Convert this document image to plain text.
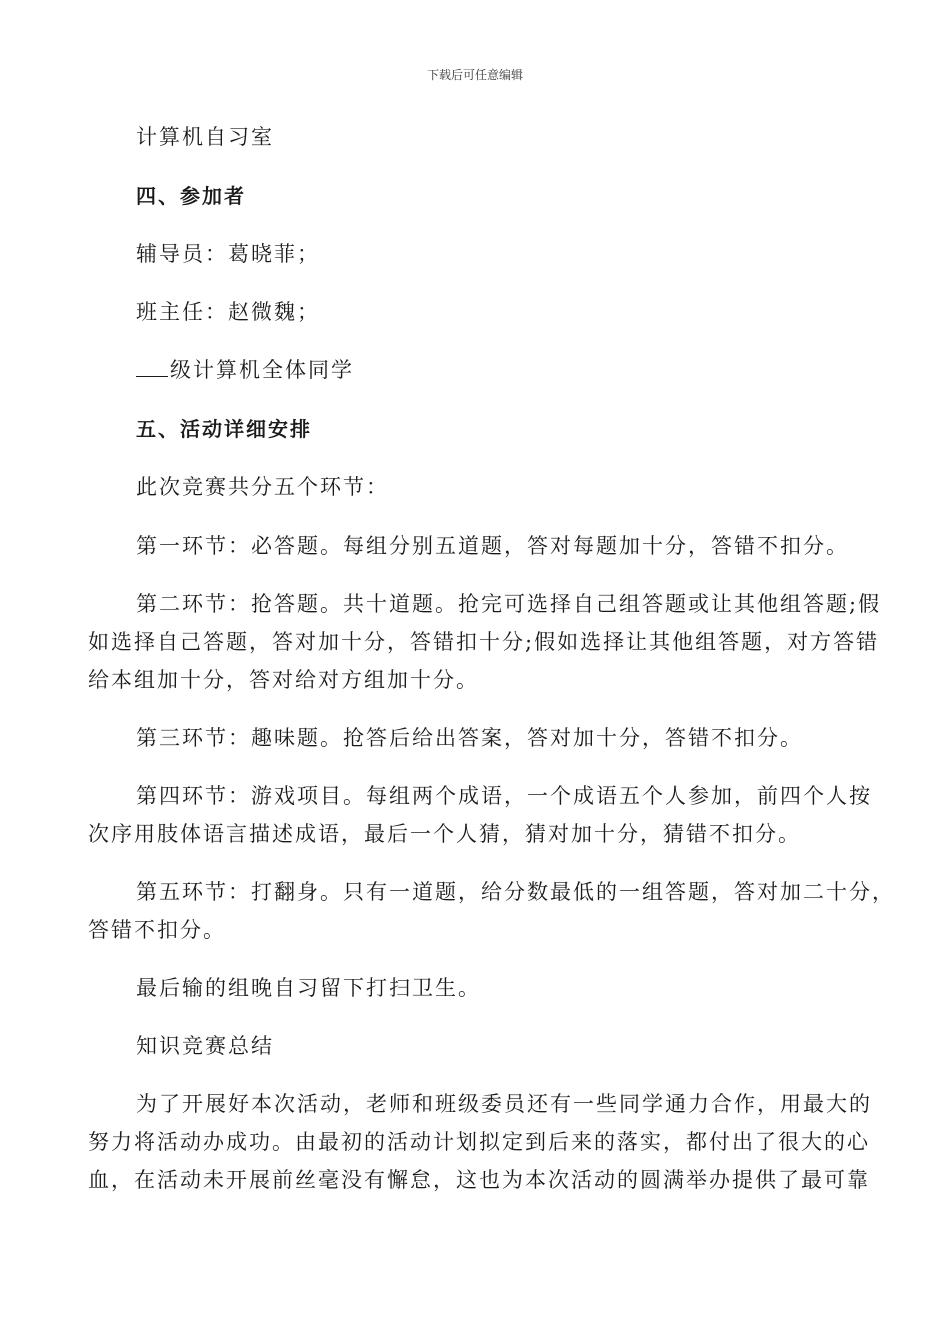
下载后可任意编辑
计算机自习室
四、参加者
辅导员：葛晓菲；
班主任：赵微魏；
级计算机全体同学
五、活动详细安排
此次竞赛共分五个环节：
第一环节：必答题。每组分别五道题，答对每题加十分，答错不扣分。
第二环节：抢答题。共十道题。抢完可选择自己组答题或让其他组答题;假
如选择自己答题，答对加十分，答错扣十分;假如选择让其他组答题，对方答错
给本组加十分，答对给对方组加十分。
第三环节：趣味题。抢答后给出答案，答对加十分，答错不扣分。
第四环节：游戏项目。每组两个成语，一个成语五个人参加，前四个人按
次序用肢体语言描述成语，最后一个人猜，猜对加十分，猜错不扣分。
第五环节：打翻身。只有一道题，给分数最低的一组答题，答对加二十分，
答错不扣分。
最后输的组晚自习留下打扫卫生。
知识竞赛总结
为了开展好本次活动，老师和班级委员还有一些同学通力合作，用最大的
努力将活动办成功。由最初的活动计划拟定到后来的落实，都付出了很大的心
血，在活动未开展前丝毫没有懈怠，这也为本次活动的圆满举办提供了最可靠
